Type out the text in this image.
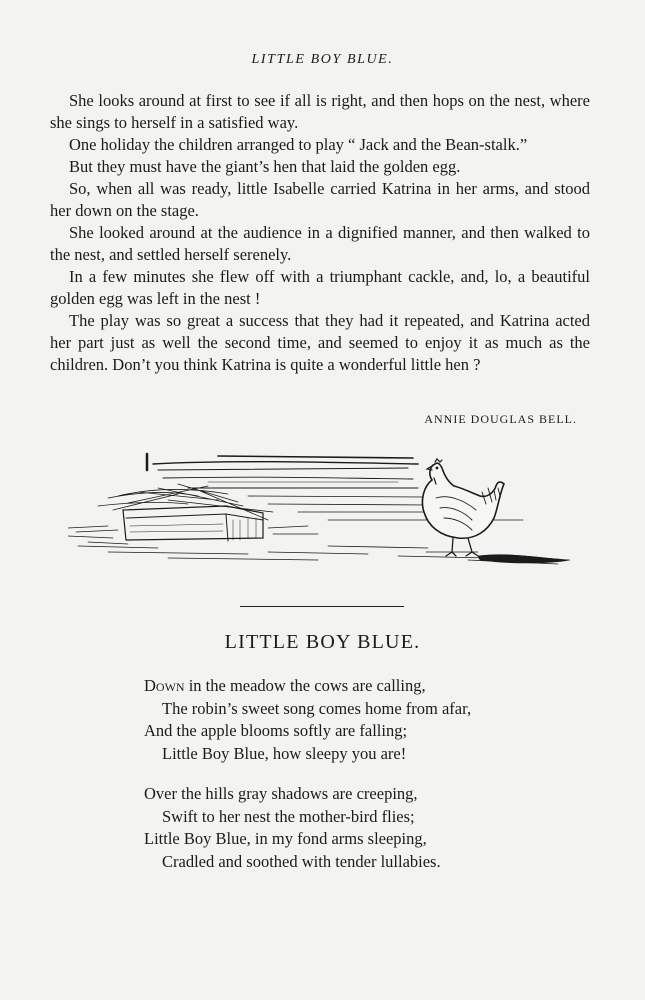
LITTLE BOY BLUE.

She looks around at first to see if all is right, and then hops on the nest, where she sings to herself in a satisfied way.

One holiday the children arranged to play “ Jack and the Bean-stalk.”

But they must have the giant’s hen that laid the golden egg.

So, when all was ready, little Isabelle carried Katrina in her arms, and stood her down on the stage.

She looked around at the audience in a dignified manner, and then walked to the nest, and settled herself serenely.

In a few minutes she flew off with a triumphant cackle, and, lo, a beautiful golden egg was left in the nest !

The play was so great a success that they had it repeated, and Katrina acted her part just as well the second time, and seemed to enjoy it as much as the children. Don’t you think Katrina is quite a wonderful little hen ?

ANNIE DOUGLAS BELL.
LITTLE BOY BLUE.
Down in the meadow the cows are calling,
The robin’s sweet song comes home from afar,
And the apple blooms softly are falling;
Little Boy Blue, how sleepy you are!
Over the hills gray shadows are creeping,
Swift to her nest the mother-bird flies;
Little Boy Blue, in my fond arms sleeping,
Cradled and soothed with tender lullabies.
